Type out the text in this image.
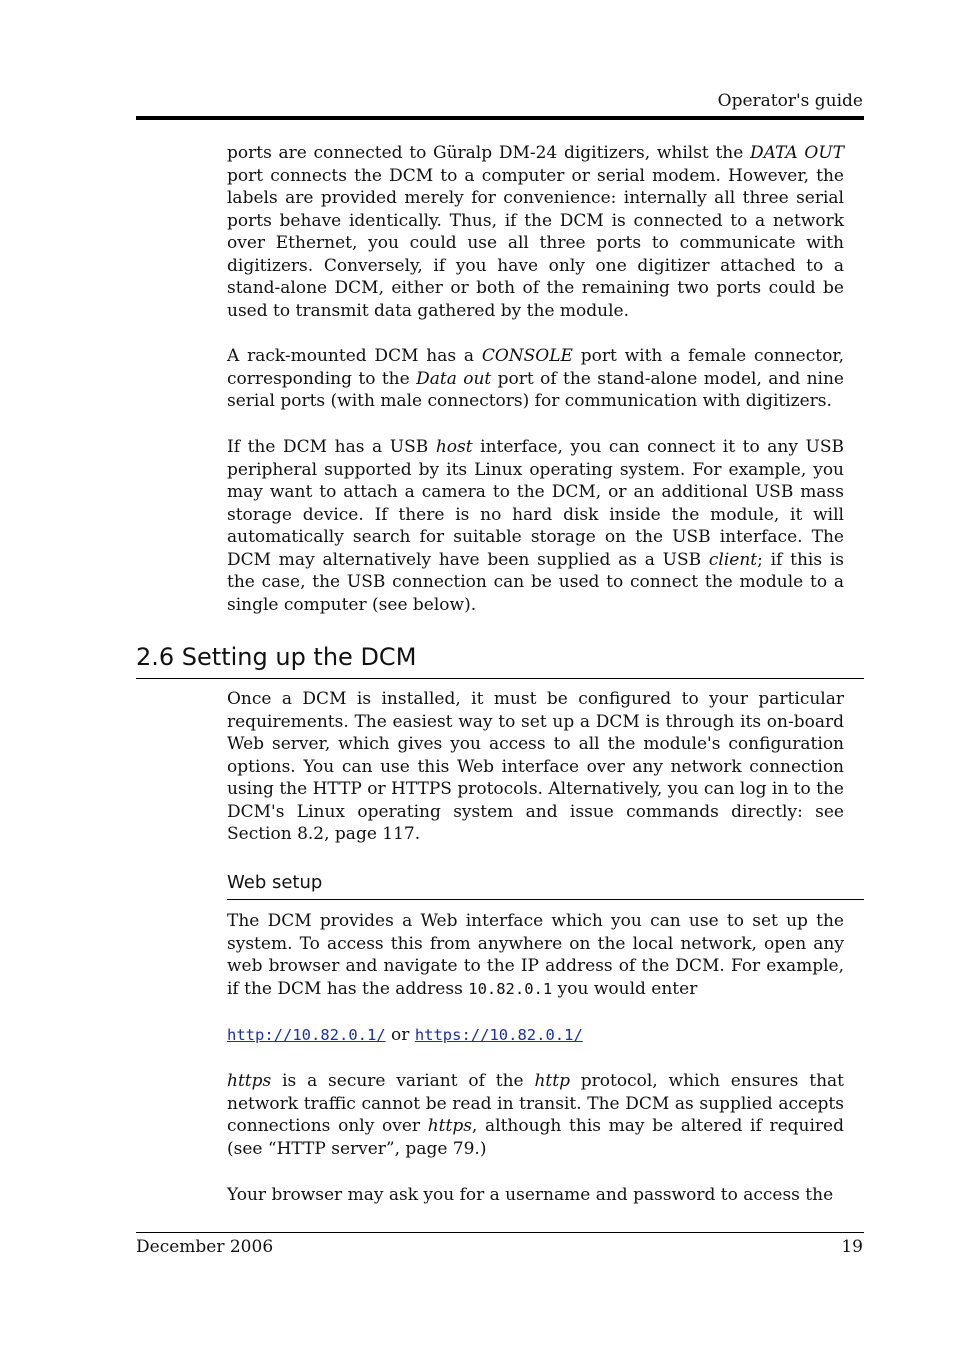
Operator's guide

ports are connected to Güralp DM-24 digitizers, whilst the DATA OUT port connects the DCM to a computer or serial modem. However, the labels are provided merely for convenience: internally all three serial ports behave identically. Thus, if the DCM is connected to a network over Ethernet, you could use all three ports to communicate with digitizers. Conversely, if you have only one digitizer attached to a stand-alone DCM, either or both of the remaining two ports could be used to transmit data gathered by the module.

A rack-mounted DCM has a CONSOLE port with a female connector, corresponding to the Data out port of the stand-alone model, and nine serial ports (with male connectors) for communication with digitizers.

If the DCM has a USB host interface, you can connect it to any USB peripheral supported by its Linux operating system. For example, you may want to attach a camera to the DCM, or an additional USB mass storage device. If there is no hard disk inside the module, it will automatically search for suitable storage on the USB interface. The DCM may alternatively have been supplied as a USB client; if this is the case, the USB connection can be used to connect the module to a single computer (see below).

2.6 Setting up the DCM

Once a DCM is installed, it must be configured to your particular requirements. The easiest way to set up a DCM is through its on-board Web server, which gives you access to all the module's configuration options. You can use this Web interface over any network connection using the HTTP or HTTPS protocols. Alternatively, you can log in to the DCM's Linux operating system and issue commands directly: see Section 8.2, page 117.

Web setup

The DCM provides a Web interface which you can use to set up the system. To access this from anywhere on the local network, open any web browser and navigate to the IP address of the DCM. For example, if the DCM has the address 10.82.0.1 you would enter

http://10.82.0.1/ or https://10.82.0.1/

https is a secure variant of the http protocol, which ensures that network traffic cannot be read in transit. The DCM as supplied accepts connections only over https, although this may be altered if required (see “HTTP server”, page 79.)

Your browser may ask you for a username and password to access the

December 2006	19
